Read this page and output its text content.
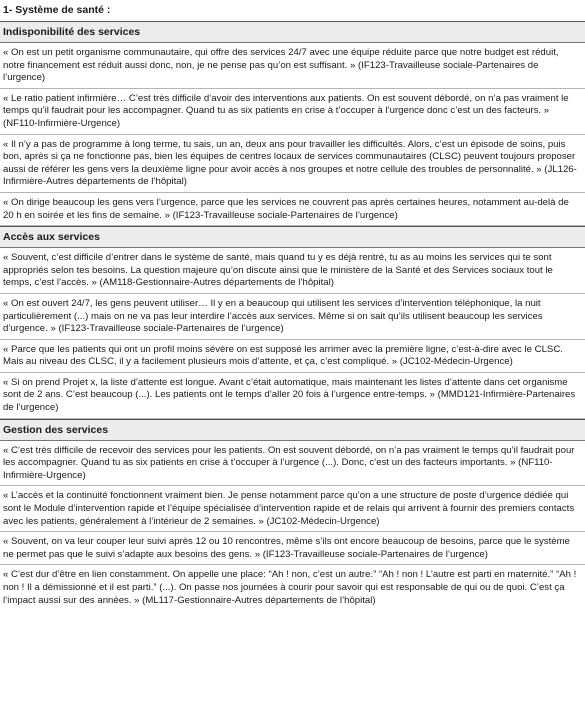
1- Système de santé :
Indisponibilité des services
« On est un petit organisme communautaire, qui offre des services 24/7 avec une équipe réduite parce que notre budget est réduit, notre financement est réduit aussi donc, non, je ne pense pas qu’on est suffisant. » (IF123-Travailleuse sociale-Partenaires de l’urgence)
« Le ratio patient infirmière… C’est très difficile d’avoir des interventions aux patients. On est souvent débordé, on n’a pas vraiment le temps qu’il faudrait pour les accompagner. Quand tu as six patients en crise à t’occuper à l’urgence donc c’est un des facteurs. » (NF110-Infirmière-Urgence)
« Il n’y a pas de programme à long terme, tu sais, un an, deux ans pour travailler les difficultés. Alors, c’est un épisode de soins, puis bon, après si ça ne fonctionne pas, bien les équipes de centres locaux de services communautaires (CLSC) peuvent toujours proposer aussi de référer les gens vers la deuxième ligne pour avoir accès à nos groupes et notre cellule des troubles de personnalité. » (JL126-Infirmière-Autres départements de l’hôpital)
« On dirige beaucoup les gens vers l’urgence, parce que les services ne couvrent pas après certaines heures, notamment au-delà de 20 h en soirée et les fins de semaine. » (IF123-Travailleuse sociale-Partenaires de l’urgence)
Accès aux services
« Souvent, c’est difficile d’entrer dans le système de santé, mais quand tu y es déjà rentré, tu as au moins les services qui te sont appropriés selon tes besoins. La question majeure qu’on discute ainsi que le ministère de la Santé et des Services sociaux tout le temps, c’est l’accès. » (AM118-Gestionnaire-Autres départements de l’hôpital)
« On est ouvert 24/7, les gens peuvent utiliser… Il y en a beaucoup qui utilisent les services d’intervention téléphonique, la nuit particulièrement (...) mais on ne va pas leur interdire l’accès aux services. Même si on sait qu’ils utilisent beaucoup les services d’urgence. » (IF123-Travailleuse sociale-Partenaires de l’urgence)
« Parce que les patients qui ont un profil moins sévère on est supposé les arrimer avec la première ligne, c’est-à-dire avec le CLSC. Mais au niveau des CLSC, il y a facilement plusieurs mois d’attente, et ça, c’est compliqué. » (JC102-Médecin-Urgence)
« Si on prend Projet x, la liste d’attente est longue. Avant c’était automatique, mais maintenant les listes d’attente dans cet organisme sont de 2 ans. C’est beaucoup (...). Les patients ont le temps d’aller 20 fois à l’urgence entre-temps. » (MMD121-Infirmière-Partenaires de l’urgence)
Gestion des services
« C’est très difficile de recevoir des services pour les patients. On est souvent débordé, on n’a pas vraiment le temps qu’il faudrait pour les accompagner. Quand tu as six patients en crise à t’occuper à l’urgence (...). Donc, c’est un des facteurs importants. » (NF110-Infirmière-Urgence)
« L’accès et la continuité fonctionnent vraiment bien. Je pense notamment parce qu’on a une structure de poste d’urgence dédiée qui sont le Module d’intervention rapide et l’équipe spécialisée d’intervention rapide et de relais qui arrivent à fournir des premiers contacts avec les patients, généralement à l’intérieur de 2 semaines. » (JC102-Médecin-Urgence)
« Souvent, on va leur couper leur suivi après 12 ou 10 rencontres, même s’ils ont encore beaucoup de besoins, parce que le système ne permet pas que le suivi s’adapte aux besoins des gens. » (IF123-Travailleuse sociale-Partenaires de l’urgence)
« C’est dur d’être en lien constamment. On appelle une place: “Ah ! non, c’est un autre.” “Ah ! non ! L’autre est parti en maternité.” “Ah ! non ! Il a démissionné et il est parti.” (...). On passe nos journées à courir pour savoir qui est responsable de qui ou de quoi. C’est ça l’impact aussi sur des années. » (ML117-Gestionnaire-Autres départements de l’hôpital)
